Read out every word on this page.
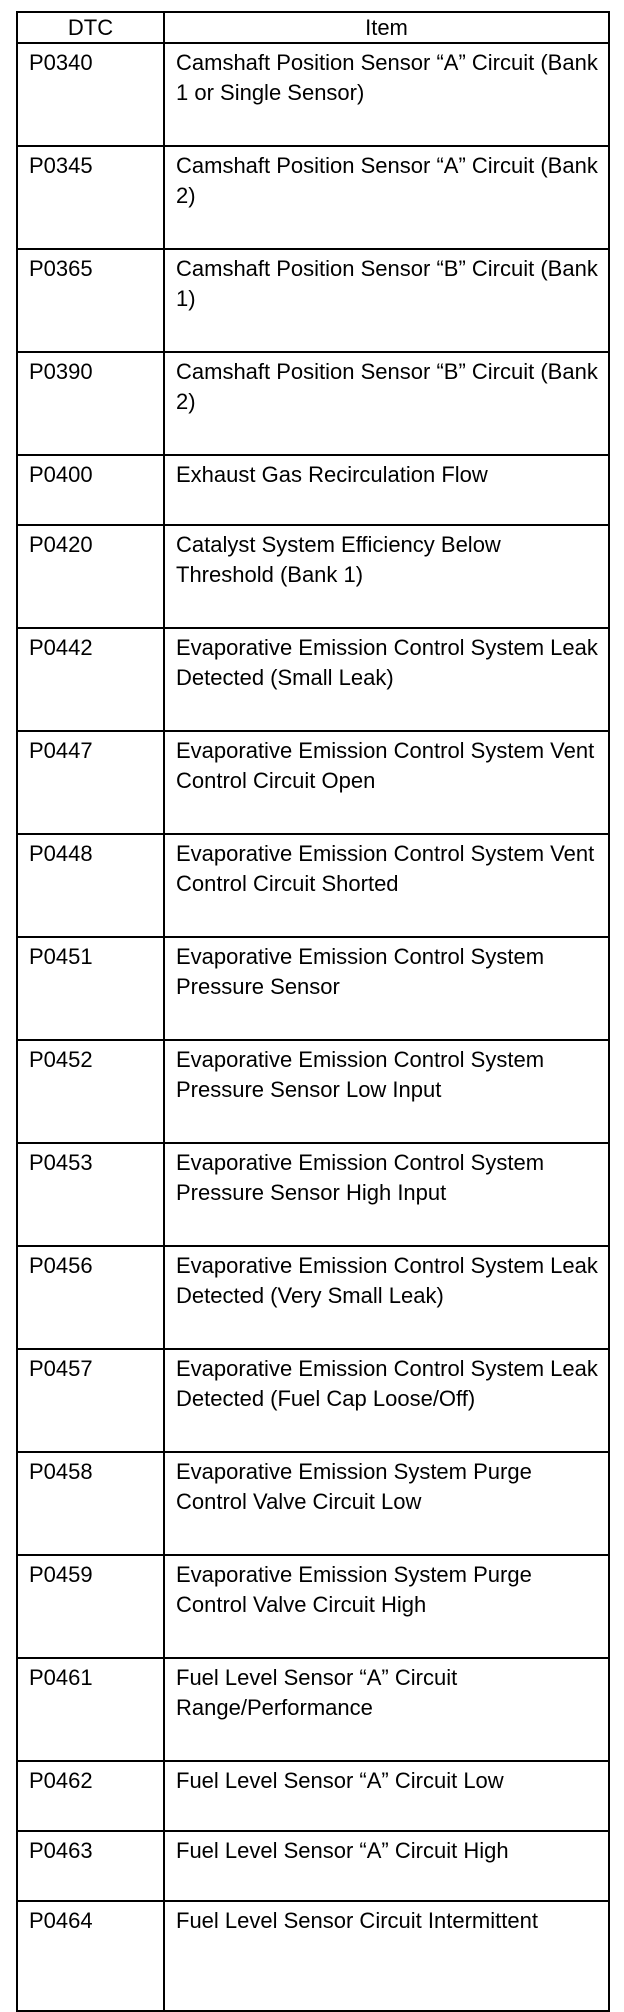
DTC	Item
P0340	Camshaft Position Sensor “A” Circuit (Bank 1 or Single Sensor)
P0345	Camshaft Position Sensor “A” Circuit (Bank 2)
P0365	Camshaft Position Sensor “B” Circuit (Bank 1)
P0390	Camshaft Position Sensor “B” Circuit (Bank 2)
P0400	Exhaust Gas Recirculation Flow
P0420	Catalyst System Efficiency Below Threshold (Bank 1)
P0442	Evaporative Emission Control System Leak Detected (Small Leak)
P0447	Evaporative Emission Control System Vent Control Circuit Open
P0448	Evaporative Emission Control System Vent Control Circuit Shorted
P0451	Evaporative Emission Control System Pressure Sensor
P0452	Evaporative Emission Control System Pressure Sensor Low Input
P0453	Evaporative Emission Control System Pressure Sensor High Input
P0456	Evaporative Emission Control System Leak Detected (Very Small Leak)
P0457	Evaporative Emission Control System Leak Detected (Fuel Cap Loose/Off)
P0458	Evaporative Emission System Purge Control Valve Circuit Low
P0459	Evaporative Emission System Purge Control Valve Circuit High
P0461	Fuel Level Sensor “A” Circuit Range/Performance
P0462	Fuel Level Sensor “A” Circuit Low
P0463	Fuel Level Sensor “A” Circuit High
P0464	Fuel Level Sensor Circuit Intermittent
